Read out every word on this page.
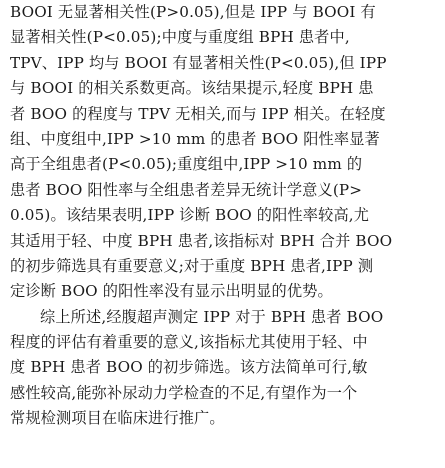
BOOI 无显著相关性(P>0.05),但是 IPP 与 BOOI 有
显著相关性(P<0.05);中度与重度组 BPH 患者中,
TPV、IPP 均与 BOOI 有显著相关性(P<0.05),但 IPP
与 BOOI 的相关系数更高。该结果提示,轻度 BPH 患
者 BOO 的程度与 TPV 无相关,而与 IPP 相关。在轻度
组、中度组中,IPP >10 mm 的患者 BOO 阳性率显著
高于全组患者(P<0.05);重度组中,IPP >10 mm 的
患者 BOO 阳性率与全组患者差异无统计学意义(P>
0.05)。该结果表明,IPP 诊断 BOO 的阳性率较高,尤
其适用于轻、中度 BPH 患者,该指标对 BPH 合并 BOO
的初步筛选具有重要意义;对于重度 BPH 患者,IPP 测
定诊断 BOO 的阳性率没有显示出明显的优势。
综上所述,经腹超声测定 IPP 对于 BPH 患者 BOO
程度的评估有着重要的意义,该指标尤其使用于轻、中
度 BPH 患者 BOO 的初步筛选。该方法简单可行,敏
感性较高,能弥补尿动力学检查的不足,有望作为一个
常规检测项目在临床进行推广。
